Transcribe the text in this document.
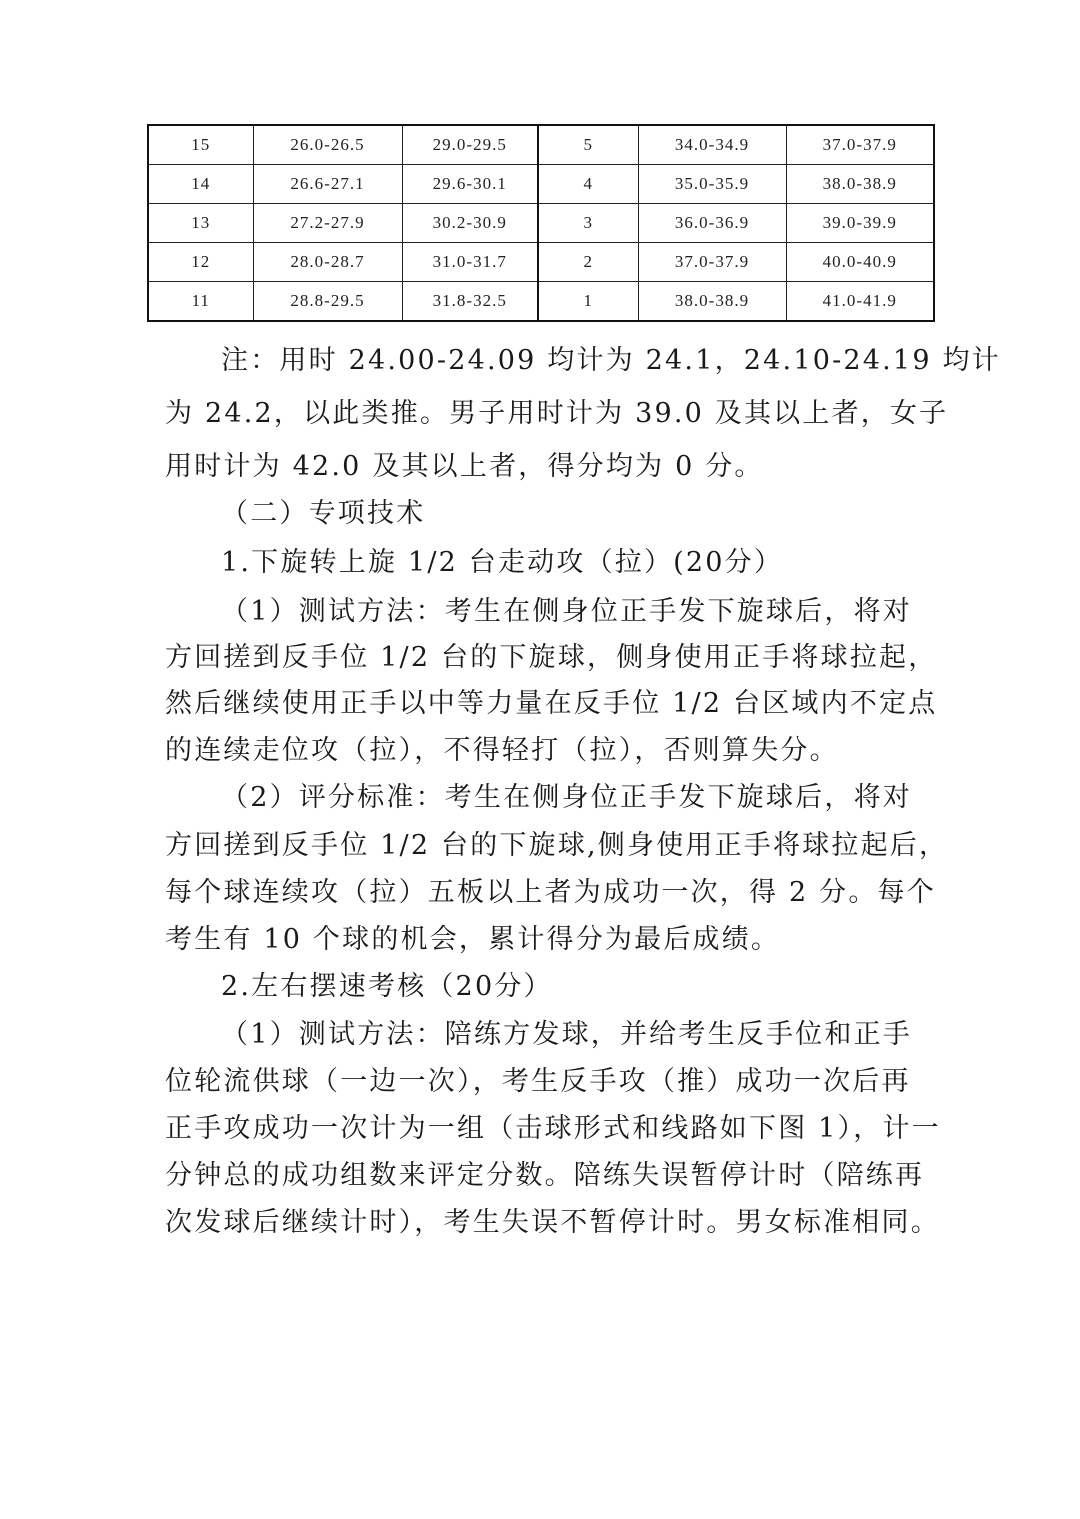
15	26.0-26.5	29.0-29.5	5	34.0-34.9	37.0-37.9
14	26.6-27.1	29.6-30.1	4	35.0-35.9	38.0-38.9
13	27.2-27.9	30.2-30.9	3	36.0-36.9	39.0-39.9
12	28.0-28.7	31.0-31.7	2	37.0-37.9	40.0-40.9
11	28.8-29.5	31.8-32.5	1	38.0-38.9	41.0-41.9
注：用时 24.00-24.09 均计为 24.1，24.10-24.19 均计
为 24.2，以此类推。男子用时计为 39.0 及其以上者，女子
用时计为 42.0 及其以上者，得分均为 0 分。
（二）专项技术
1.下旋转上旋 1/2 台走动攻（拉）(20分）
（1）测试方法：考生在侧身位正手发下旋球后，将对
方回搓到反手位 1/2 台的下旋球，侧身使用正手将球拉起，
然后继续使用正手以中等力量在反手位 1/2 台区域内不定点
的连续走位攻（拉），不得轻打（拉），否则算失分。
（2）评分标准：考生在侧身位正手发下旋球后，将对
方回搓到反手位 1/2 台的下旋球,侧身使用正手将球拉起后，
每个球连续攻（拉）五板以上者为成功一次，得 2 分。每个
考生有 10 个球的机会，累计得分为最后成绩。
2.左右摆速考核（20分）
（1）测试方法：陪练方发球，并给考生反手位和正手
位轮流供球（一边一次），考生反手攻（推）成功一次后再
正手攻成功一次计为一组（击球形式和线路如下图 1），计一
分钟总的成功组数来评定分数。陪练失误暂停计时（陪练再
次发球后继续计时），考生失误不暂停计时。男女标准相同。
